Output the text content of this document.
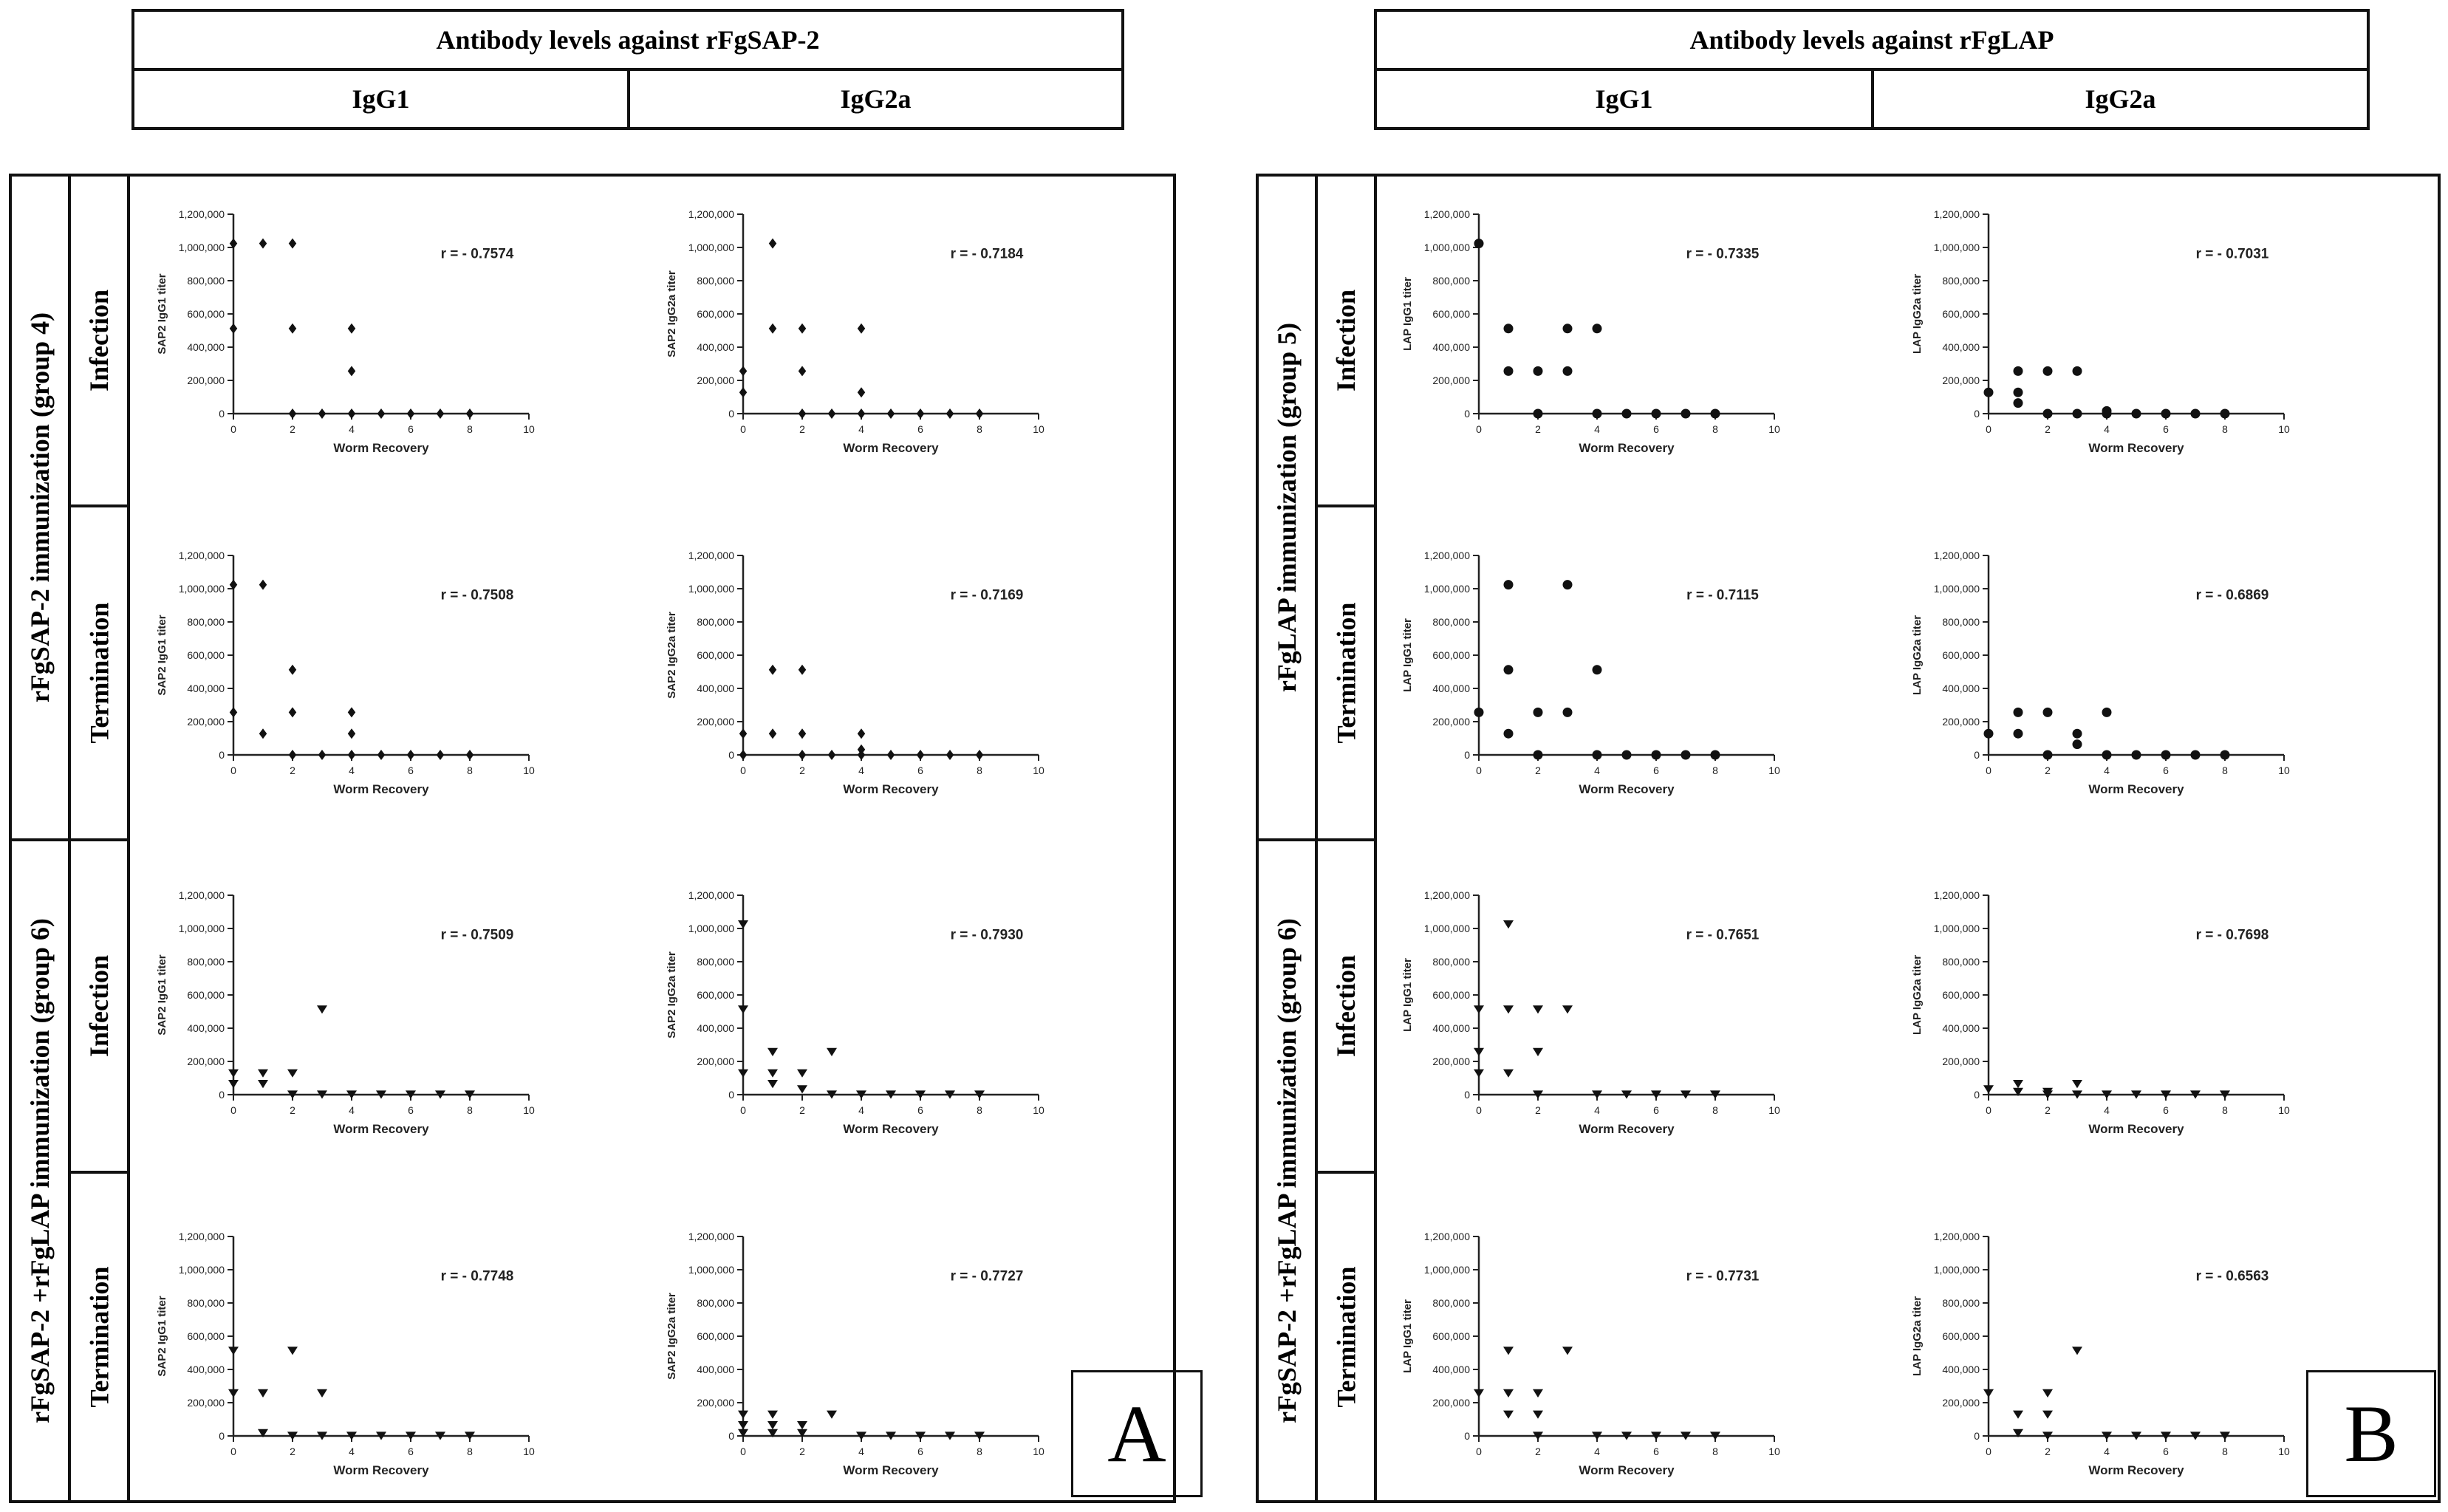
Antibody levels against rFgSAP-2
IgG1	IgG2a
rFgSAP-2 immunization (group 4)
rFgSAP-2 +rFgLAP immunization (group 6)
Infection
Termination
Infection
Termination
A
Antibody levels against rFgLAP
IgG1	IgG2a
rFgLAP immunization (group 5)
rFgSAP-2 +rFgLAP immunization (group 6)
Infection
Termination
Infection
Termination
B
0
200,000
400,000
600,000
800,000
1,000,000
1,200,000
0	2	4	6	8	10
Worm Recovery
SAP2 IgG1 titer
r = - 0.7574
0
200,000
400,000
600,000
800,000
1,000,000
1,200,000
0	2	4	6	8	10
Worm Recovery
SAP2 IgG2a titer
r = - 0.7184
0
200,000
400,000
600,000
800,000
1,000,000
1,200,000
0	2	4	6	8	10
Worm Recovery
SAP2 IgG1 titer
r = - 0.7508
0
200,000
400,000
600,000
800,000
1,000,000
1,200,000
0	2	4	6	8	10
Worm Recovery
SAP2 IgG2a titer
r = - 0.7169
0
200,000
400,000
600,000
800,000
1,000,000
1,200,000
0	2	4	6	8	10
Worm Recovery
SAP2 IgG1 titer
r = - 0.7509
0
200,000
400,000
600,000
800,000
1,000,000
1,200,000
0	2	4	6	8	10
Worm Recovery
SAP2 IgG2a titer
r = - 0.7930
0
200,000
400,000
600,000
800,000
1,000,000
1,200,000
0	2	4	6	8	10
Worm Recovery
SAP2 IgG1 titer
r = - 0.7748
0
200,000
400,000
600,000
800,000
1,000,000
1,200,000
0	2	4	6	8	10
Worm Recovery
SAP2 IgG2a titer
r = - 0.7727
0
200,000
400,000
600,000
800,000
1,000,000
1,200,000
0	2	4	6	8	10
Worm Recovery
LAP IgG1 titer
r = - 0.7335
0
200,000
400,000
600,000
800,000
1,000,000
1,200,000
0	2	4	6	8	10
Worm Recovery
LAP IgG2a titer
r = - 0.7031
0
200,000
400,000
600,000
800,000
1,000,000
1,200,000
0	2	4	6	8	10
Worm Recovery
LAP IgG1 titer
r = - 0.7115
0
200,000
400,000
600,000
800,000
1,000,000
1,200,000
0	2	4	6	8	10
Worm Recovery
LAP IgG2a titer
r = - 0.6869
0
200,000
400,000
600,000
800,000
1,000,000
1,200,000
0	2	4	6	8	10
Worm Recovery
LAP IgG1 titer
r = - 0.7651
0
200,000
400,000
600,000
800,000
1,000,000
1,200,000
0	2	4	6	8	10
Worm Recovery
LAP IgG2a titer
r = - 0.7698
0
200,000
400,000
600,000
800,000
1,000,000
1,200,000
0	2	4	6	8	10
Worm Recovery
LAP IgG1 titer
r = - 0.7731
0
200,000
400,000
600,000
800,000
1,000,000
1,200,000
0	2	4	6	8	10
Worm Recovery
LAP IgG2a titer
r = - 0.6563
